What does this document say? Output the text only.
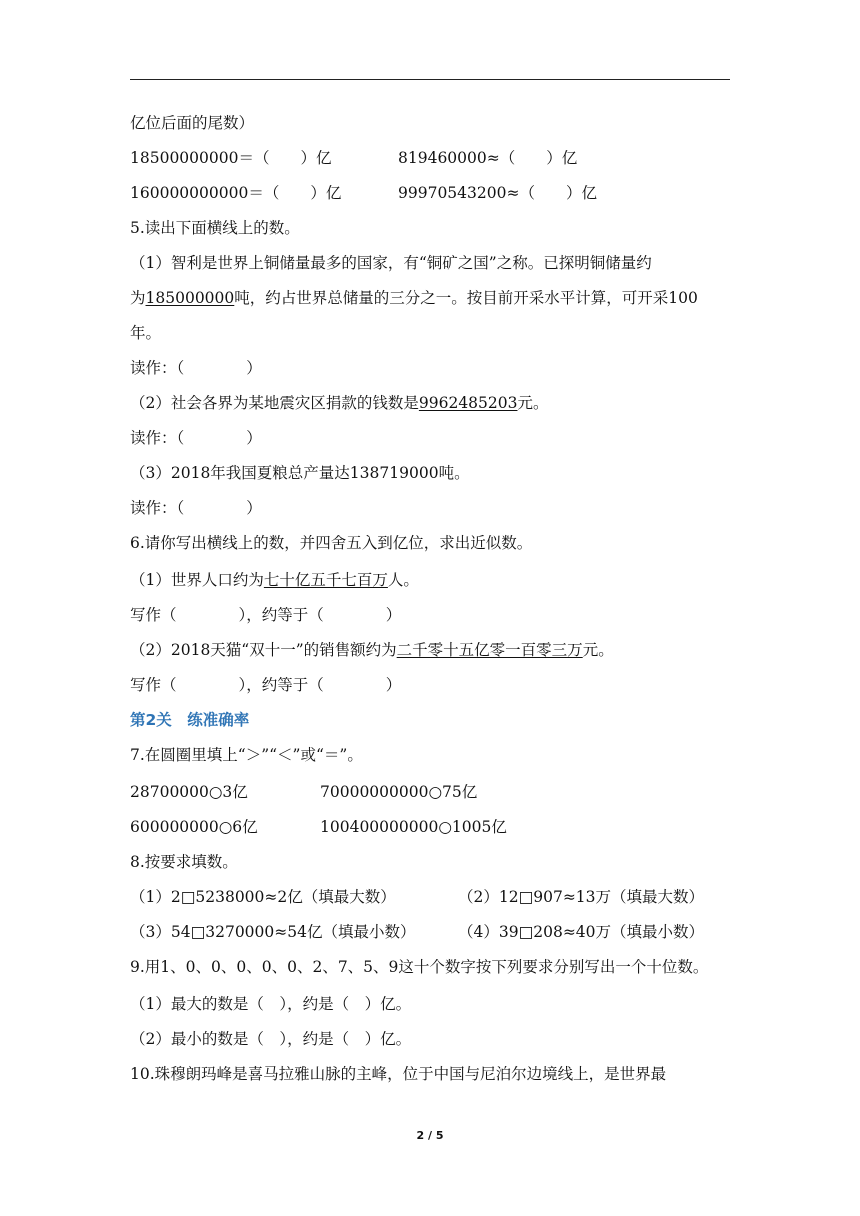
亿位后面的尾数）
18500000000＝（　　）亿	819460000≈（　　）亿
160000000000＝（　　）亿	99970543200≈（　　）亿
5.读出下面横线上的数。
（1）智利是世界上铜储量最多的国家，有“铜矿之国”之称。已探明铜储量约
为185000000吨，约占世界总储量的三分之一。按目前开采水平计算，可开采100
年。
读作：（　　　　）
（2）社会各界为某地震灾区捐款的钱数是9962485203元。
读作：（　　　　）
（3）2018年我国夏粮总产量达138719000吨。
读作：（　　　　）
6.请你写出横线上的数，并四舍五入到亿位，求出近似数。
（1）世界人口约为七十亿五千七百万人。
写作（　　　　），约等于（　　　　）
（2）2018天猫“双十一”的销售额约为二千零十五亿零一百零三万元。
写作（　　　　），约等于（　　　　）
第2关　练准确率
7.在圆圈里填上“＞”“＜”或“＝”。
28700000○3亿	70000000000○75亿
600000000○6亿	100400000000○1005亿
8.按要求填数。
（1）2□5238000≈2亿（填最大数）	（2）12□907≈13万（填最大数）
（3）54□3270000≈54亿（填最小数）	（4）39□208≈40万（填最小数）
9.用1、0、0、0、0、0、2、7、5、9这十个数字按下列要求分别写出一个十位数。
（1）最大的数是（　），约是（　）亿。
（2）最小的数是（　），约是（　）亿。
10.珠穆朗玛峰是喜马拉雅山脉的主峰，位于中国与尼泊尔边境线上，是世界最
2 / 5
